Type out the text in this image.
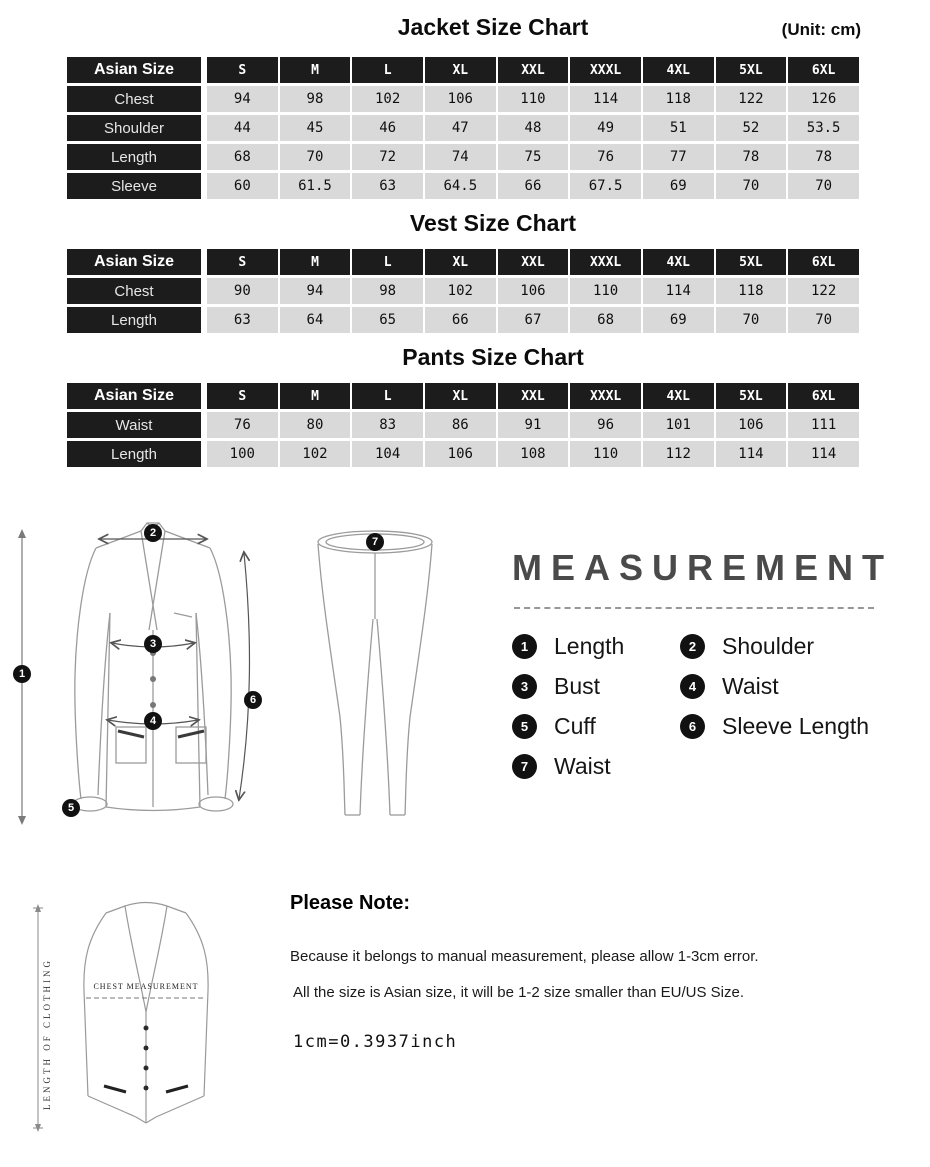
Jacket Size Chart	(Unit: cm)
Asian Size	S	M	L	XL	XXL	XXXL	4XL	5XL	6XL
Chest	94	98	102	106	110	114	118	122	126
Shoulder	44	45	46	47	48	49	51	52	53.5
Length	68	70	72	74	75	76	77	78	78
Sleeve	60	61.5	63	64.5	66	67.5	69	70	70
Vest Size Chart
Asian Size	S	M	L	XL	XXL	XXXL	4XL	5XL	6XL
Chest	90	94	98	102	106	110	114	118	122
Length	63	64	65	66	67	68	69	70	70
Pants Size Chart
Asian Size	S	M	L	XL	XXL	XXXL	4XL	5XL	6XL
Waist	76	80	83	86	91	96	101	106	111
Length	100	102	104	106	108	110	112	114	114
1
2
3
4
5
6
7
MEASUREMENT
1	Length	2	Shoulder
3	Bust	4	Waist
5	Cuff	6	Sleeve Length
7	Waist
LENGTH OF CLOTHING	CHEST MEASUREMENT
Please Note:
Because it belongs to manual measurement, please allow 1-3cm error.
All the size is Asian size, it will be 1-2 size smaller than EU/US Size.
1cm=0.3937inch
